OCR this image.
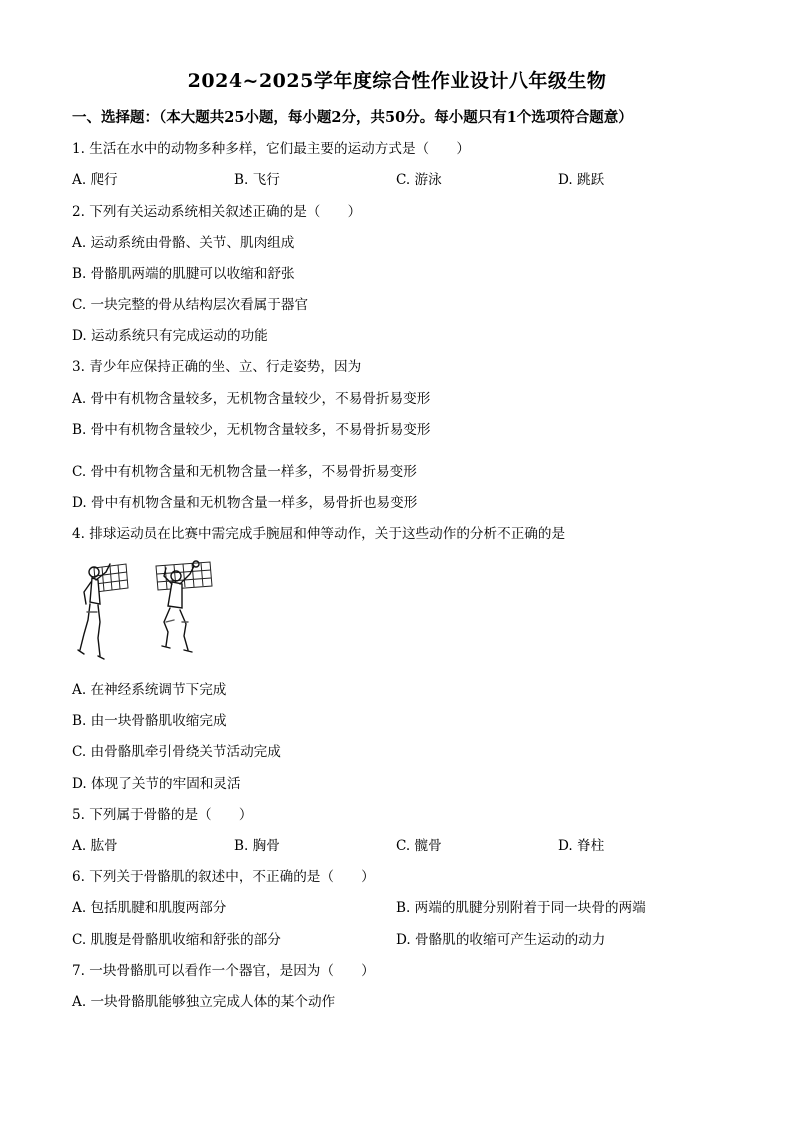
2024~2025学年度综合性作业设计八年级生物
一、选择题：（本大题共25小题，每小题2分，共50分。每小题只有1个选项符合题意）
1. 生活在水中的动物多种多样，它们最主要的运动方式是（　　）
A. 爬行	B. 飞行	C. 游泳	D. 跳跃
2. 下列有关运动系统相关叙述正确的是（　　）
A. 运动系统由骨骼、关节、肌肉组成
B. 骨骼肌两端的肌腱可以收缩和舒张
C. 一块完整的骨从结构层次看属于器官
D. 运动系统只有完成运动的功能
3. 青少年应保持正确的坐、立、行走姿势，因为
A. 骨中有机物含量较多，无机物含量较少，不易骨折易变形
B. 骨中有机物含量较少，无机物含量较多，不易骨折易变形
C. 骨中有机物含量和无机物含量一样多，不易骨折易变形
D. 骨中有机物含量和无机物含量一样多，易骨折也易变形
4. 排球运动员在比赛中需完成手腕屈和伸等动作，关于这些动作的分析不正确的是
A. 在神经系统调节下完成
B. 由一块骨骼肌收缩完成
C. 由骨骼肌牵引骨绕关节活动完成
D. 体现了关节的牢固和灵活
5. 下列属于骨骼的是（　　）
A. 肱骨	B. 胸骨	C. 髋骨	D. 脊柱
6. 下列关于骨骼肌的叙述中，不正确的是（　　）
A. 包括肌腱和肌腹两部分	B. 两端的肌腱分别附着于同一块骨的两端
C. 肌腹是骨骼肌收缩和舒张的部分	D. 骨骼肌的收缩可产生运动的动力
7. 一块骨骼肌可以看作一个器官，是因为（　　）
A. 一块骨骼肌能够独立完成人体的某个动作
